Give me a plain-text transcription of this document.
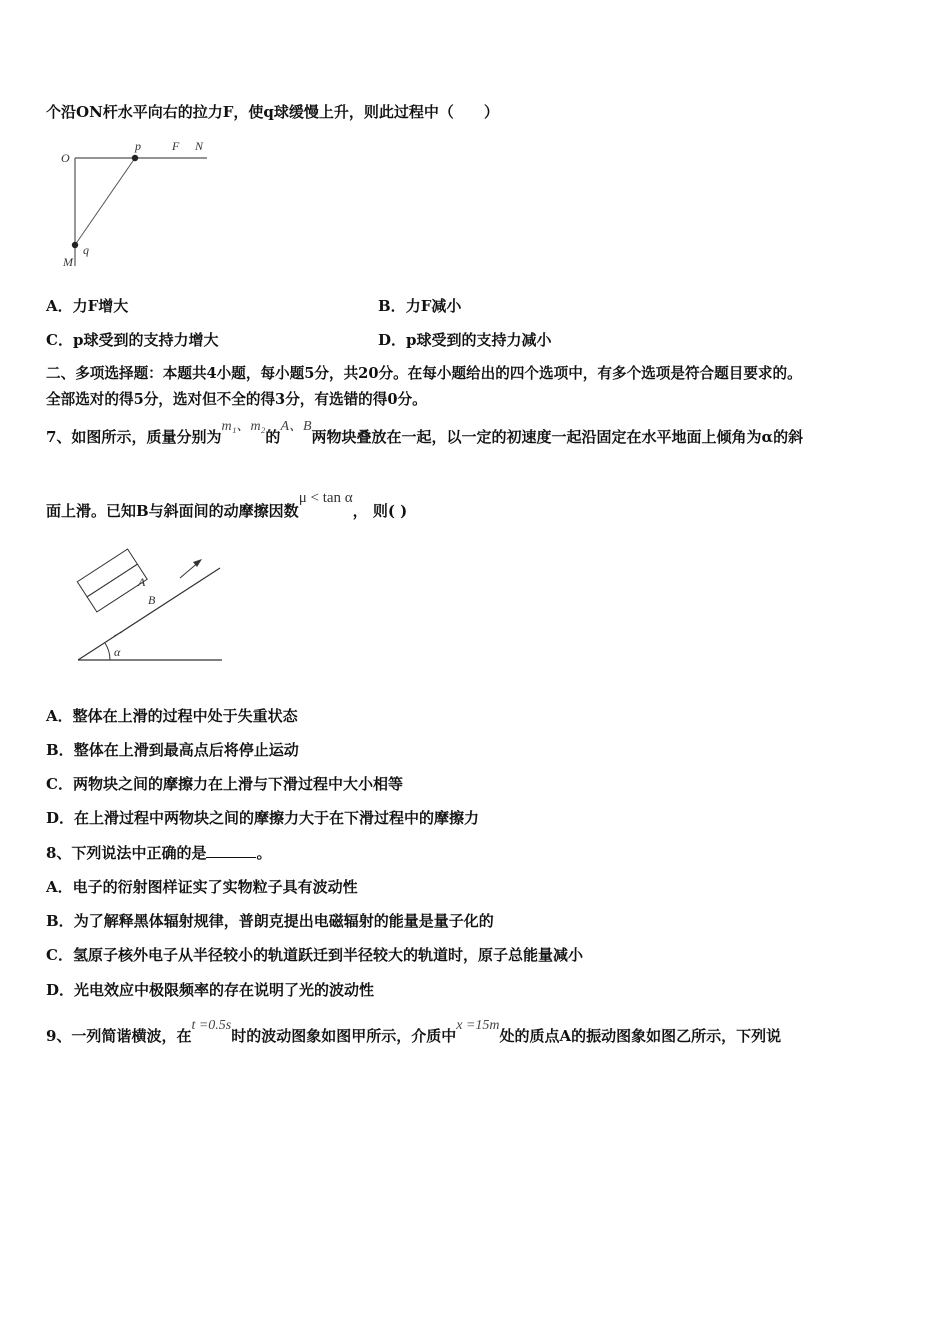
个沿ON杆水平向右的拉力F，使q球缓慢上升，则此过程中（　　）
O
p	F N
M
q
A．力F增大	B．力F减小
C．p球受到的支持力增大	D．p球受到的支持力减小
二、多项选择题：本题共4小题，每小题5分，共20分。在每小题给出的四个选项中，有多个选项是符合题目要求的。
全部选对的得5分，选对但不全的得3分，有选错的得0分。
7、如图所示，质量分别为m₁、m₂的A、B两物块叠放在一起，以一定的初速度一起沿固定在水平地面上倾角为α的斜
面上滑。已知B与斜面间的动摩擦因数μ < tan α， 则( )
A
B
α
A．整体在上滑的过程中处于失重状态
B．整体在上滑到最高点后将停止运动
C．两物块之间的摩擦力在上滑与下滑过程中大小相等
D．在上滑过程中两物块之间的摩擦力大于在下滑过程中的摩擦力
8、下列说法中正确的是	。
A．电子的衍射图样证实了实物粒子具有波动性
B．为了解释黑体辐射规律，普朗克提出电磁辐射的能量是量子化的
C．氢原子核外电子从半径较小的轨道跃迁到半径较大的轨道时，原子总能量减小
D．光电效应中极限频率的存在说明了光的波动性
9、一列简谐横波，在t =0.5s时的波动图象如图甲所示，介质中x =15m处的质点A的振动图象如图乙所示，下列说
